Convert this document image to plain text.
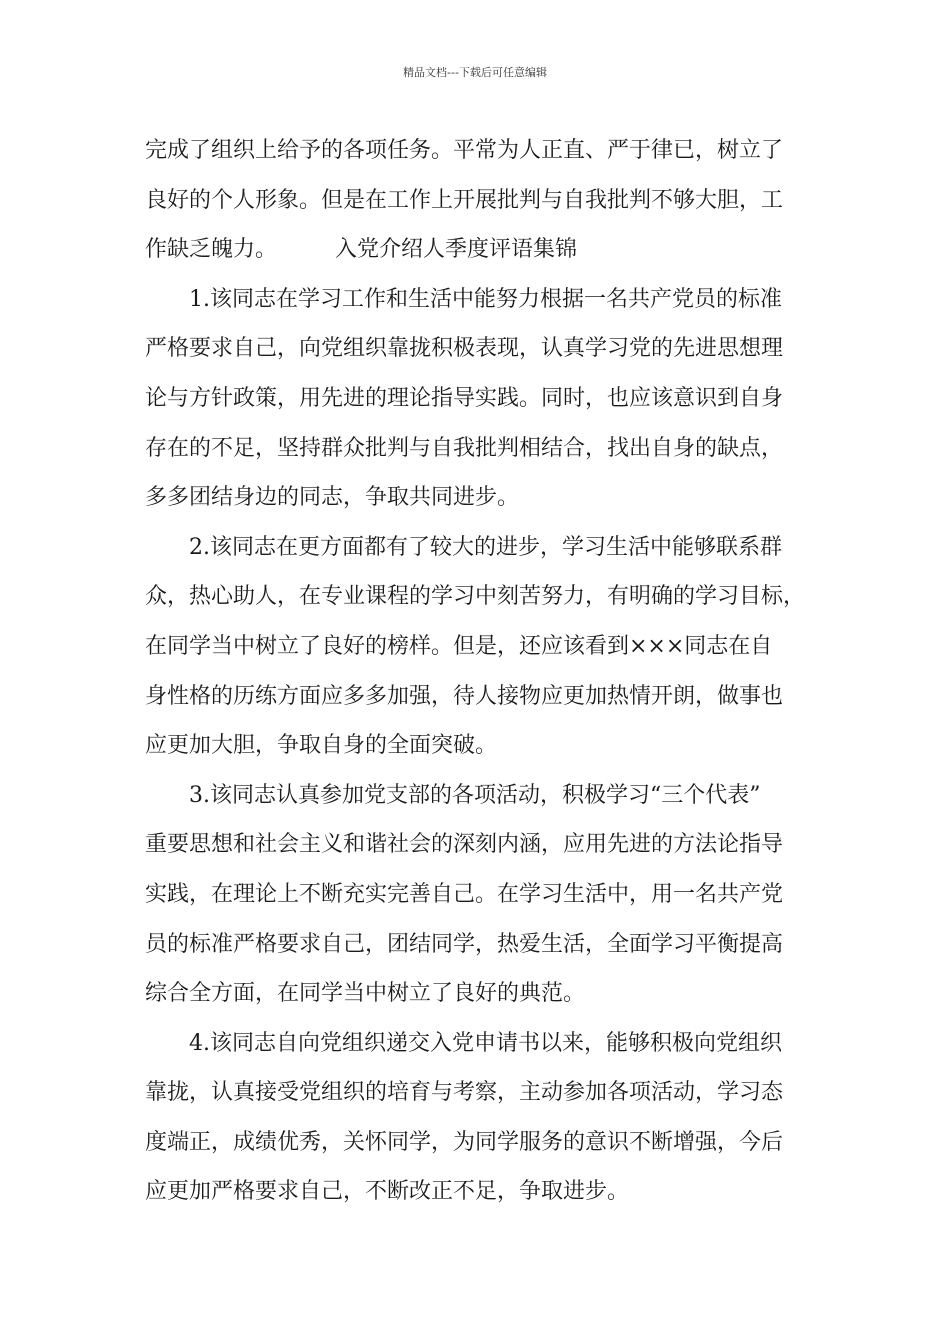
精品文档---下载后可任意编辑
完成了组织上给予的各项任务。平常为人正直、严于律已，树立了
良好的个人形象。但是在工作上开展批判与自我批判不够大胆，工
作缺乏魄力。	入党介绍人季度评语集锦
1.该同志在学习工作和生活中能努力根据一名共产党员的标准
严格要求自己，向党组织靠拢积极表现，认真学习党的先进思想理
论与方针政策，用先进的理论指导实践。同时，也应该意识到自身
存在的不足，坚持群众批判与自我批判相结合，找出自身的缺点，
多多团结身边的同志，争取共同进步。
2.该同志在更方面都有了较大的进步，学习生活中能够联系群
众，热心助人，在专业课程的学习中刻苦努力，有明确的学习目标，
在同学当中树立了良好的榜样。但是，还应该看到×××同志在自
身性格的历练方面应多多加强，待人接物应更加热情开朗，做事也
应更加大胆，争取自身的全面突破。
3.该同志认真参加党支部的各项活动，积极学习“三个代表”
重要思想和社会主义和谐社会的深刻内涵，应用先进的方法论指导
实践，在理论上不断充实完善自己。在学习生活中，用一名共产党
员的标准严格要求自己，团结同学，热爱生活，全面学习平衡提高
综合全方面，在同学当中树立了良好的典范。
4.该同志自向党组织递交入党申请书以来，能够积极向党组织
靠拢，认真接受党组织的培育与考察，主动参加各项活动，学习态
度端正，成绩优秀，关怀同学，为同学服务的意识不断增强，今后
应更加严格要求自己，不断改正不足，争取进步。
